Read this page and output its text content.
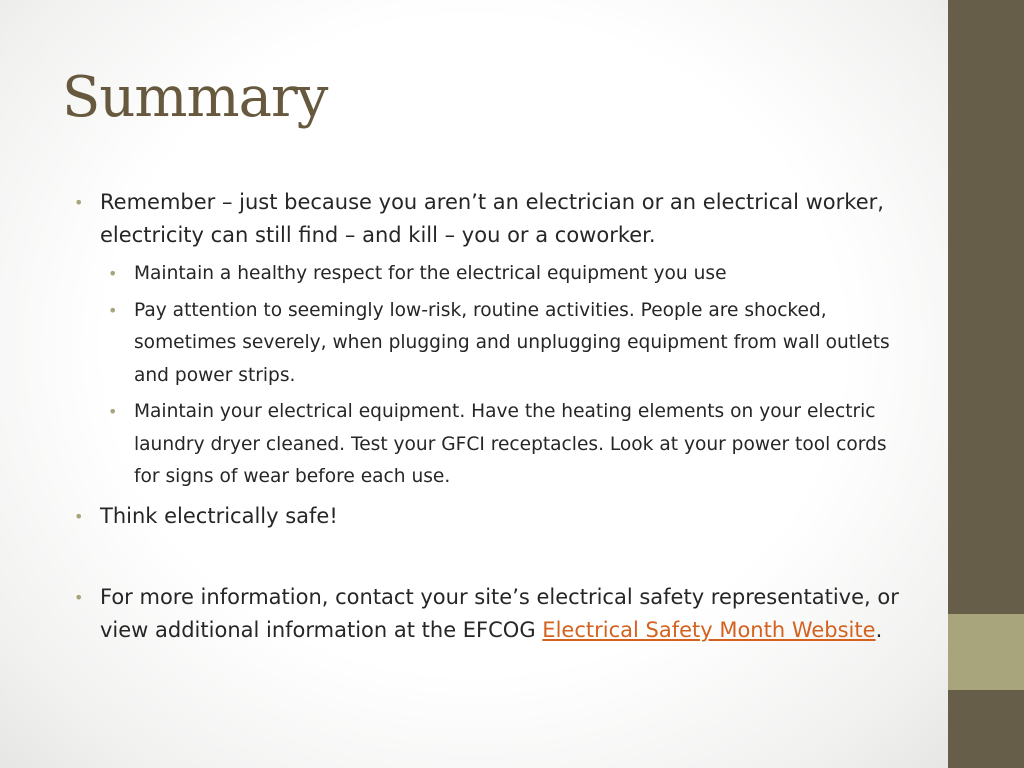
Summary
• Remember – just because you aren’t an electrician or an electrical worker, electricity can still find – and kill – you or a coworker.
• Maintain a healthy respect for the electrical equipment you use
• Pay attention to seemingly low-risk, routine activities. People are shocked, sometimes severely, when plugging and unplugging equipment from wall outlets and power strips.
• Maintain your electrical equipment. Have the heating elements on your electric laundry dryer cleaned. Test your GFCI receptacles. Look at your power tool cords for signs of wear before each use.
• Think electrically safe!
• For more information, contact your site’s electrical safety representative, or view additional information at the EFCOG Electrical Safety Month Website.
